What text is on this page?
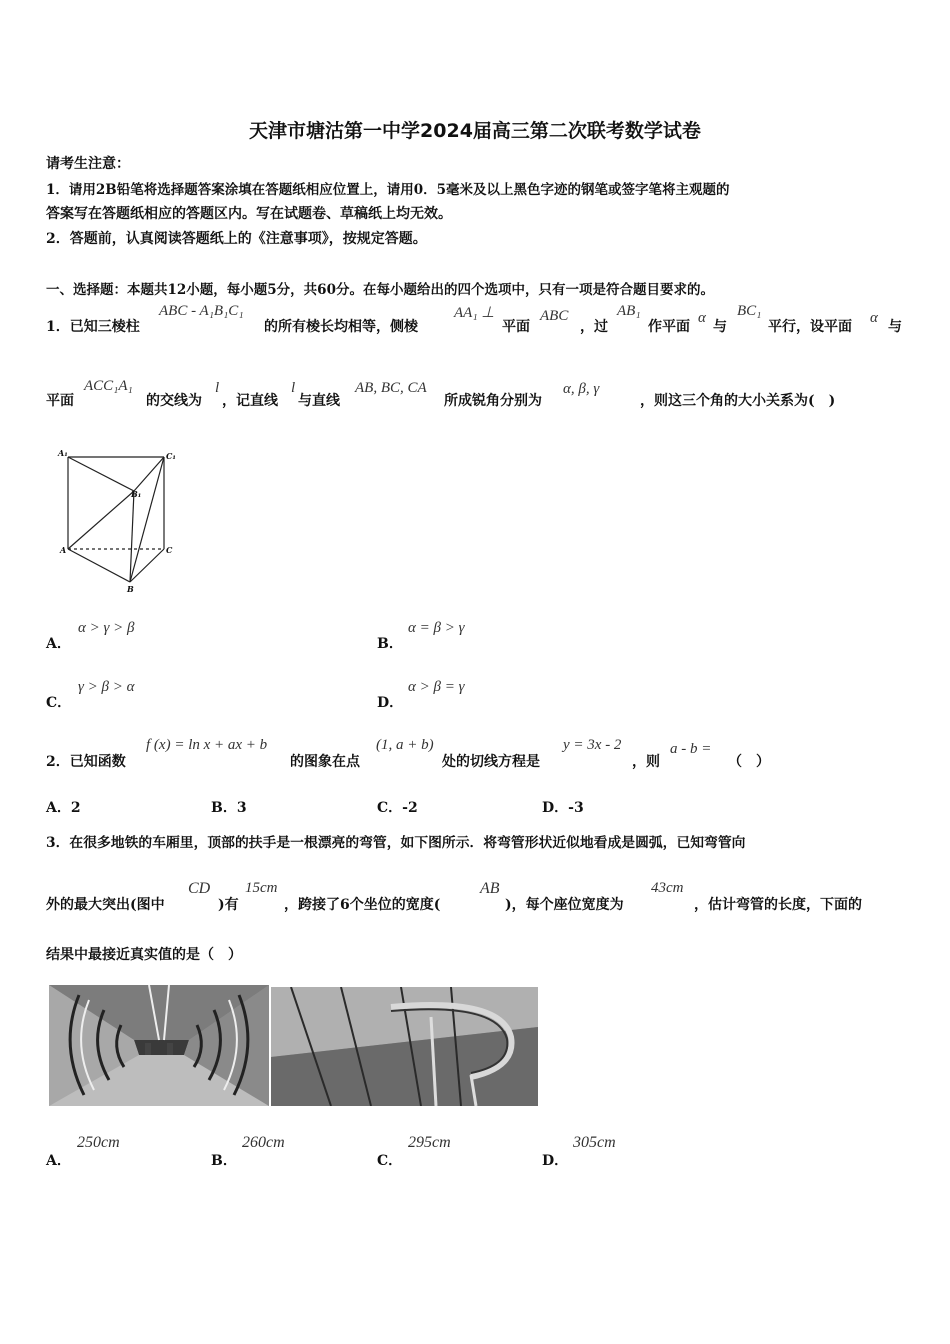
天津市塘沽第一中学2024届高三第二次联考数学试卷
请考生注意：
1．请用2B铅笔将选择题答案涂填在答题纸相应位置上，请用0．5毫米及以上黑色字迹的钢笔或签字笔将主观题的
答案写在答题纸相应的答题区内。写在试题卷、草稿纸上均无效。
2．答题前，认真阅读答题纸上的《注意事项》，按规定答题。
一、选择题：本题共12小题，每小题5分，共60分。在每小题给出的四个选项中，只有一项是符合题目要求的。
1．已知三棱柱
ABC - A₁B₁C₁
的所有棱长均相等，侧棱
AA₁ ⊥
平面
ABC
，过
AB₁
作平面
α
与
BC₁
平行，设平面
α
与
平面
ACC₁A₁
的交线为
l
，记直线
l
与直线
AB, BC, CA
所成锐角分别为
α, β, γ
，则这三个角的大小关系为(　)
A₁	C₁
B₁
A	C
B
A．
α > γ > β
B．
α = β > γ
C．
γ > β > α
D．
α > β = γ
2．已知函数
f (x) = ln x + ax + b
的图象在点
(1, a + b)
处的切线方程是
y = 3x - 2
，则
a - b =
（　）
A．2	B．3	C．-2	D．-3
3．在很多地铁的车厢里，顶部的扶手是一根漂亮的弯管，如下图所示．将弯管形状近似地看成是圆弧，已知弯管向
外的最大突出(图中
CD
)有
15cm
，跨接了6个坐位的宽度(
AB
)，每个座位宽度为
43cm
，估计弯管的长度，下面的
结果中最接近真实值的是（　）
A．
250cm
B．
260cm
C．
295cm
D．
305cm
